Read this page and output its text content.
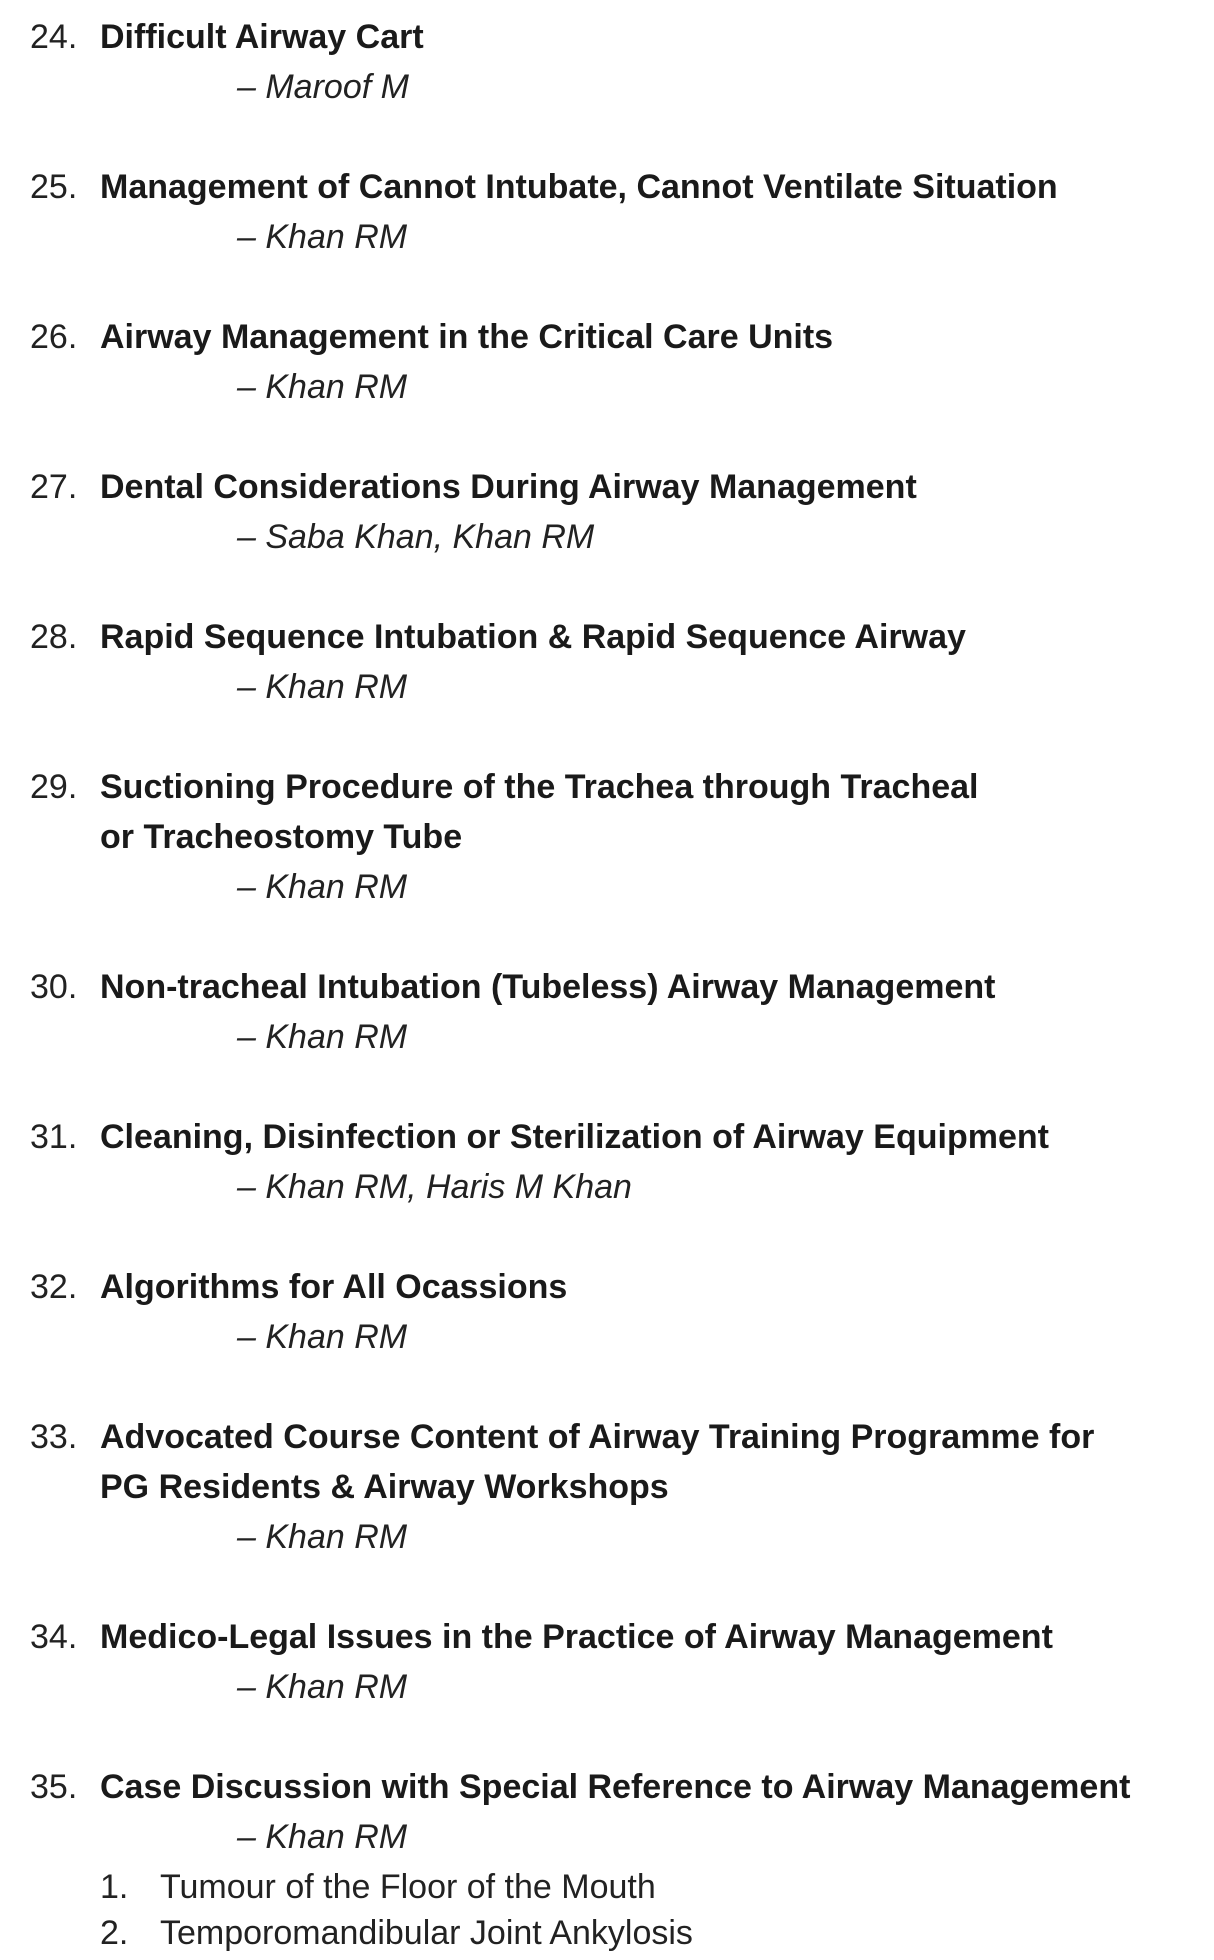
24. Difficult Airway Cart
– Maroof M
25. Management of Cannot Intubate, Cannot Ventilate Situation
– Khan RM
26. Airway Management in the Critical Care Units
– Khan RM
27. Dental Considerations During Airway Management
– Saba Khan, Khan RM
28. Rapid Sequence Intubation & Rapid Sequence Airway
– Khan RM
29. Suctioning Procedure of the Trachea through Tracheal
or Tracheostomy Tube
– Khan RM
30. Non-tracheal Intubation (Tubeless) Airway Management
– Khan RM
31. Cleaning, Disinfection or Sterilization of Airway Equipment
– Khan RM, Haris M Khan
32. Algorithms for All Ocassions
– Khan RM
33. Advocated Course Content of Airway Training Programme for
PG Residents & Airway Workshops
– Khan RM
34. Medico-Legal Issues in the Practice of Airway Management
– Khan RM
35. Case Discussion with Special Reference to Airway Management
– Khan RM
1. Tumour of the Floor of the Mouth
2. Temporomandibular Joint Ankylosis
